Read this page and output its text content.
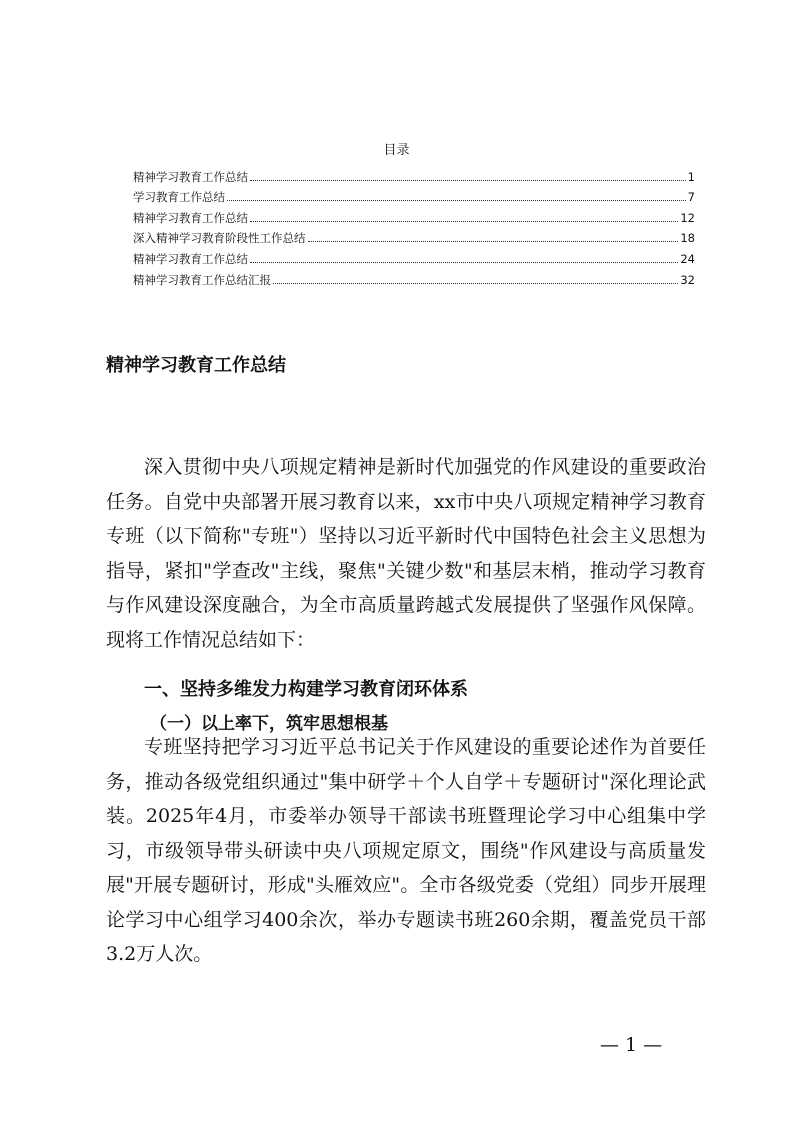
目录
精神学习教育工作总结	1
学习教育工作总结	7
精神学习教育工作总结	12
深入精神学习教育阶段性工作总结	18
精神学习教育工作总结	24
精神学习教育工作总结汇报	32
精神学习教育工作总结

深入贯彻中央八项规定精神是新时代加强党的作风建设的重要政治任务。自党中央部署开展习教育以来，xx市中央八项规定精神学习教育专班（以下简称"专班"）坚持以习近平新时代中国特色社会主义思想为指导，紧扣"学查改"主线，聚焦"关键少数"和基层末梢，推动学习教育与作风建设深度融合，为全市高质量跨越式发展提供了坚强作风保障。现将工作情况总结如下：

一、坚持多维发力构建学习教育闭环体系
（一）以上率下，筑牢思想根基

专班坚持把学习习近平总书记关于作风建设的重要论述作为首要任务，推动各级党组织通过"集中研学＋个人自学＋专题研讨"深化理论武装。2025年4月，市委举办领导干部读书班暨理论学习中心组集中学习，市级领导带头研读中央八项规定原文，围绕"作风建设与高质量发展"开展专题研讨，形成"头雁效应"。全市各级党委（党组）同步开展理论学习中心组学习400余次，举办专题读书班260余期，覆盖党员干部3.2万人次。

— 1 —
